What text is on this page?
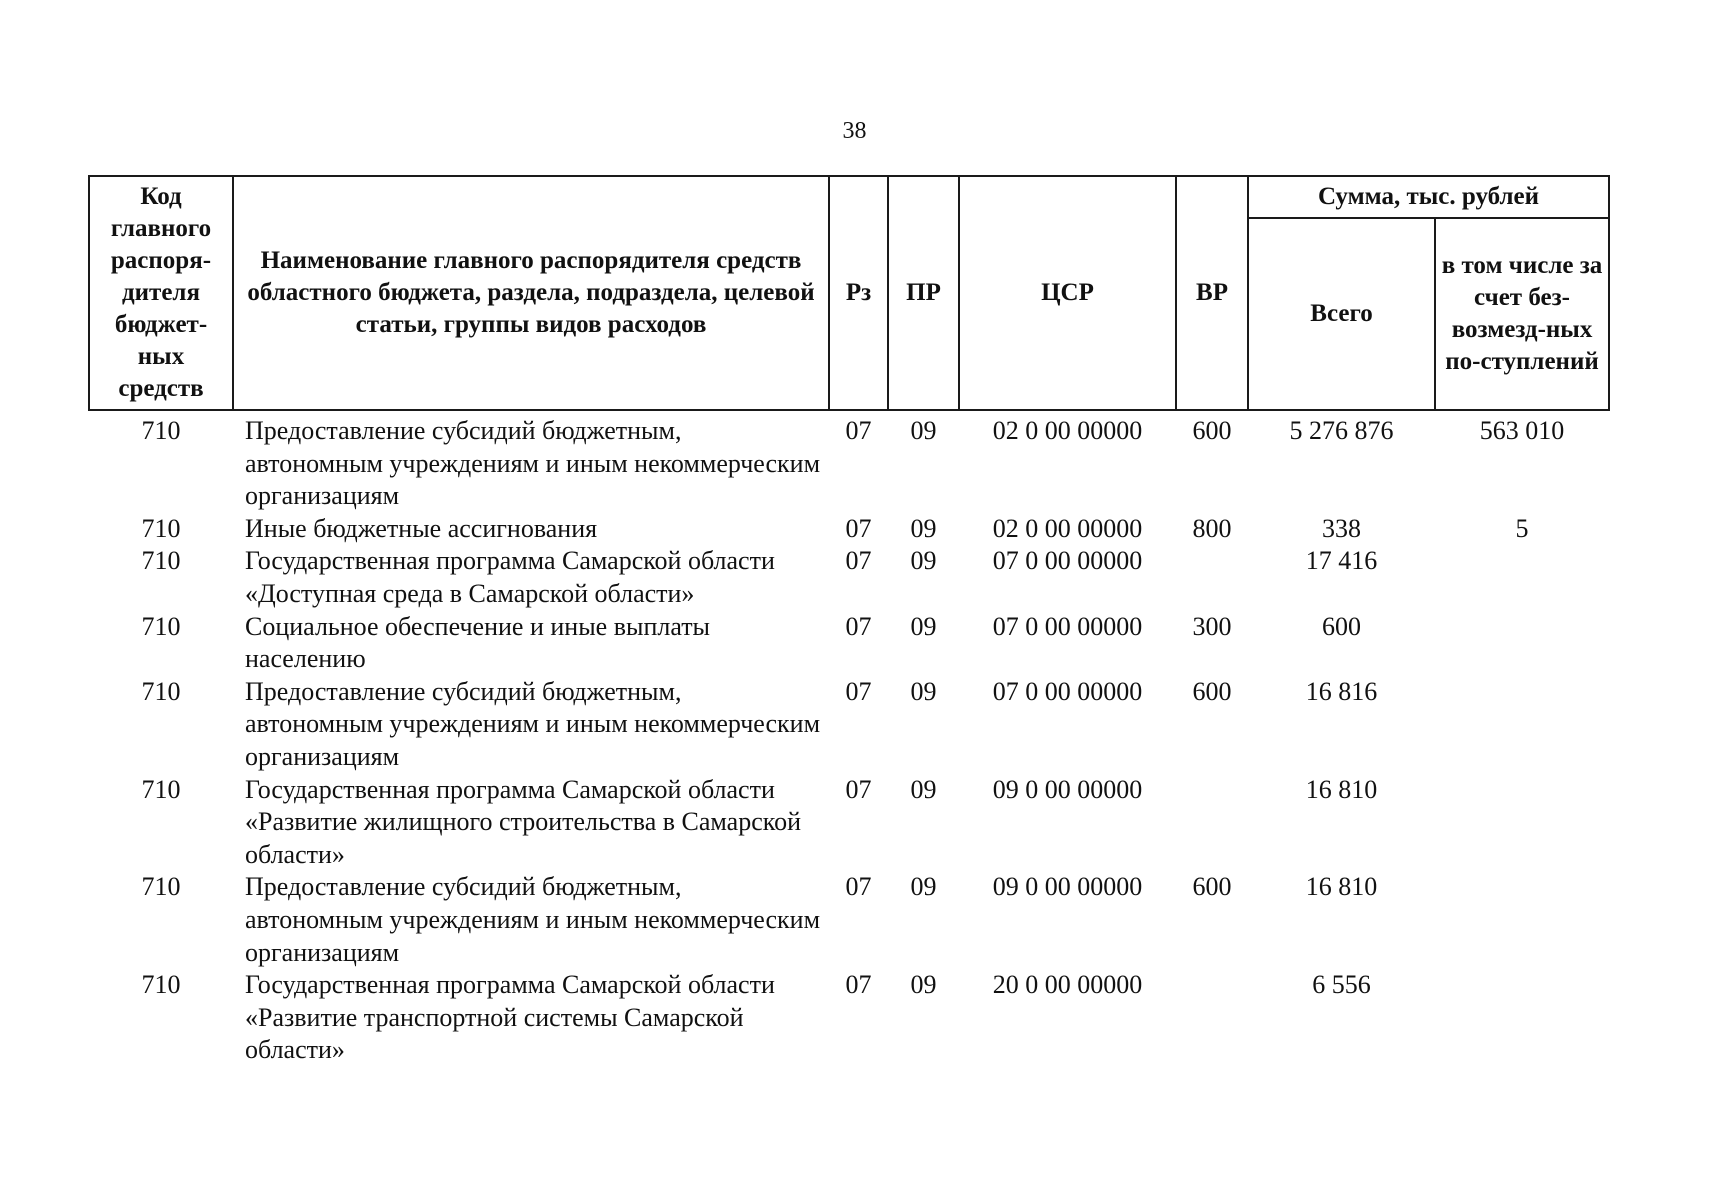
38
Код главного распоря-дителя бюджет-ных средств	Наименование главного распорядителя средств областного бюджета, раздела, подраздела, целевой статьи, группы видов расходов	Рз	ПР	ЦСР	ВР	Сумма, тыс. рублей	
						Всего	в том числе за счет без-возмезд-ных по-ступлений
710	Предоставление субсидий бюджетным, автономным учреждениям и иным некоммерческим организациям	07	09	02 0 00 00000	600	5 276 876	563 010
710	Иные бюджетные ассигнования	07	09	02 0 00 00000	800	338	5
710	Государственная программа Самарской области «Доступная среда в Самарской области»	07	09	07 0 00 00000		17 416	
710	Социальное обеспечение и иные выплаты населению	07	09	07 0 00 00000	300	600	
710	Предоставление субсидий бюджетным, автономным учреждениям и иным некоммерческим организациям	07	09	07 0 00 00000	600	16 816	
710	Государственная программа Самарской области «Развитие жилищного строительства в Самарской области»	07	09	09 0 00 00000		16 810	
710	Предоставление субсидий бюджетным, автономным учреждениям и иным некоммерческим организациям	07	09	09 0 00 00000	600	16 810	
710	Государственная программа Самарской области «Развитие транспортной системы Самарской области»	07	09	20 0 00 00000		6 556	
